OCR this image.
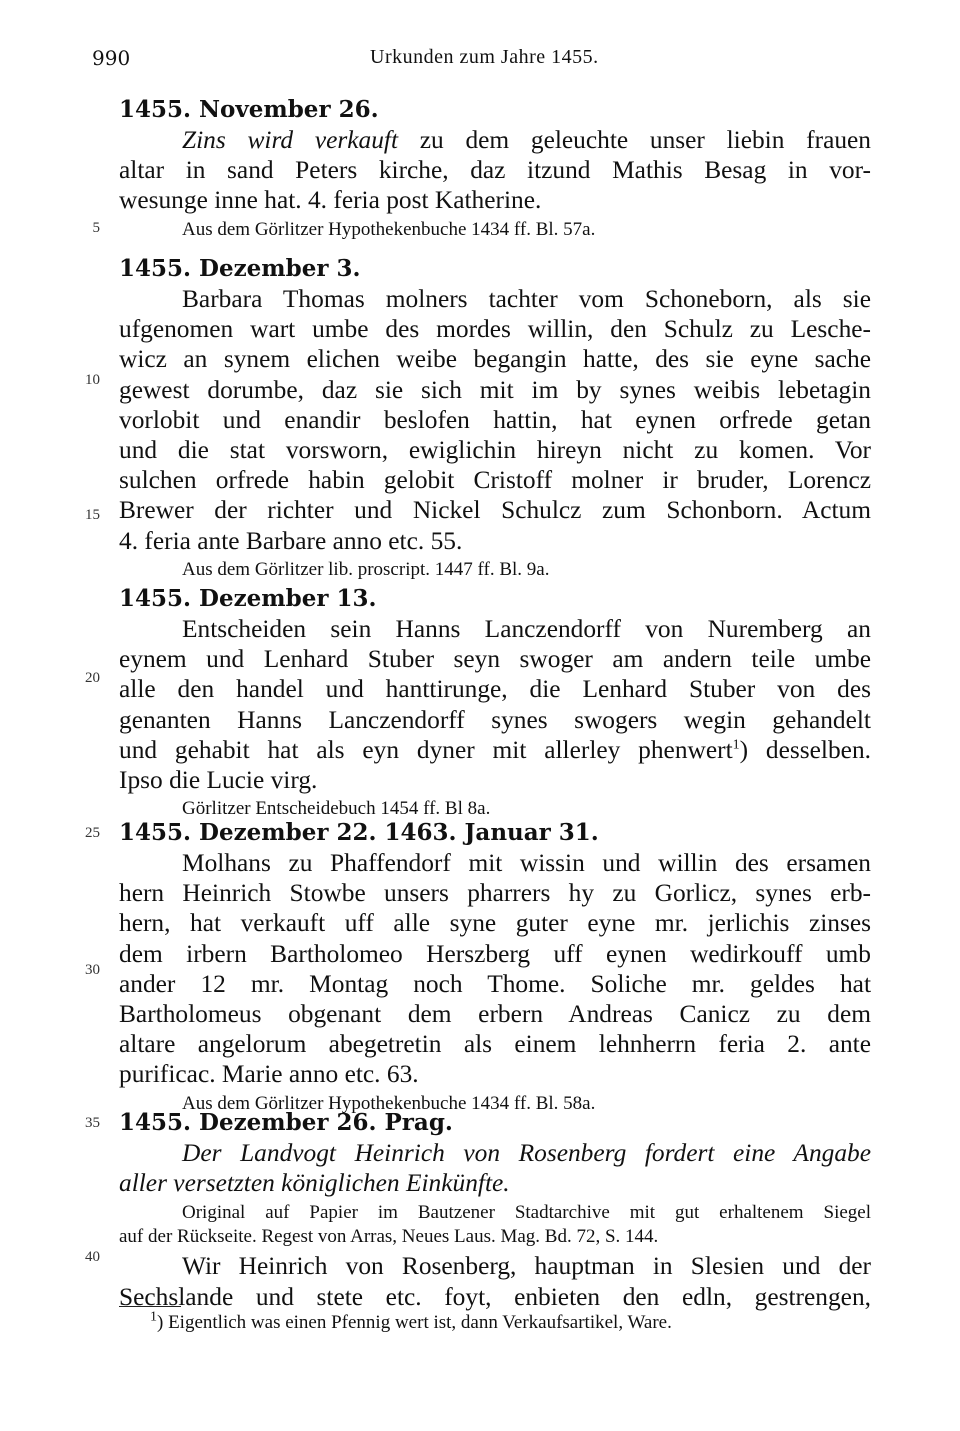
990	Urkunden zum Jahre 1455.
5
10
15
20
25
30
35
40
1455. November 26.
Zins wird verkauft zu dem geleuchte unser liebin frauen
altar in sand Peters kirche, daz itzund Mathis Besag in vor-
wesunge inne hat. 4. feria post Katherine.
Aus dem Görlitzer Hypothekenbuche 1434 ff. Bl. 57a.
1455. Dezember 3.
Barbara Thomas molners tachter vom Schoneborn, als sie
ufgenomen wart umbe des mordes willin, den Schulz zu Lesche-
wicz an synem elichen weibe begangin hatte, des sie eyne sache
gewest dorumbe, daz sie sich mit im by synes weibis lebetagin
vorlobit und enandir beslofen hattin, hat eynen orfrede getan
und die stat vorsworn, ewiglichin hireyn nicht zu komen. Vor
sulchen orfrede habin gelobit Cristoff molner ir bruder, Lorencz
Brewer der richter und Nickel Schulcz zum Schonborn. Actum
4. feria ante Barbare anno etc. 55.
Aus dem Görlitzer lib. proscript. 1447 ff. Bl. 9a.
1455. Dezember 13.
Entscheiden sein Hanns Lanczendorff von Nuremberg an
eynem und Lenhard Stuber seyn swoger am andern teile umbe
alle den handel und hanttirunge, die Lenhard Stuber von des
genanten Hanns Lanczendorff synes swogers wegin gehandelt
und gehabit hat als eyn dyner mit allerley phenwert$^1$) desselben.
Ipso die Lucie virg.
Görlitzer Entscheidebuch 1454 ff. Bl 8a.
1455. Dezember 22. 1463. Januar 31.
Molhans zu Phaffendorf mit wissin und willin des ersamen
hern Heinrich Stowbe unsers pharrers hy zu Gorlicz, synes erb-
hern, hat verkauft uff alle syne guter eyne mr. jerlichis zinses
dem irbern Bartholomeo Herszberg uff eynen wedirkouff umb
ander 12 mr. Montag noch Thome. Soliche mr. geldes hat
Bartholomeus obgenant dem erbern Andreas Canicz zu dem
altare angelorum abegetretin als einem lehnherrn feria 2. ante
purificac. Marie anno etc. 63.
Aus dem Görlitzer Hypothekenbuche 1434 ff. Bl. 58a.
1455. Dezember 26. Prag.
Der Landvogt Heinrich von Rosenberg fordert eine Angabe
aller versetzten königlichen Einkünfte.
Original auf Papier im Bautzener Stadtarchive mit gut erhaltenem Siegel
auf der Rückseite. Regest von Arras, Neues Laus. Mag. Bd. 72, S. 144.
Wir Heinrich von Rosenberg, hauptman in Slesien und der
Sechslande und stete etc. foyt, enbieten den edln, gestrengen,
$^1$) Eigentlich was einen Pfennig wert ist, dann Verkaufsartikel, Ware.
